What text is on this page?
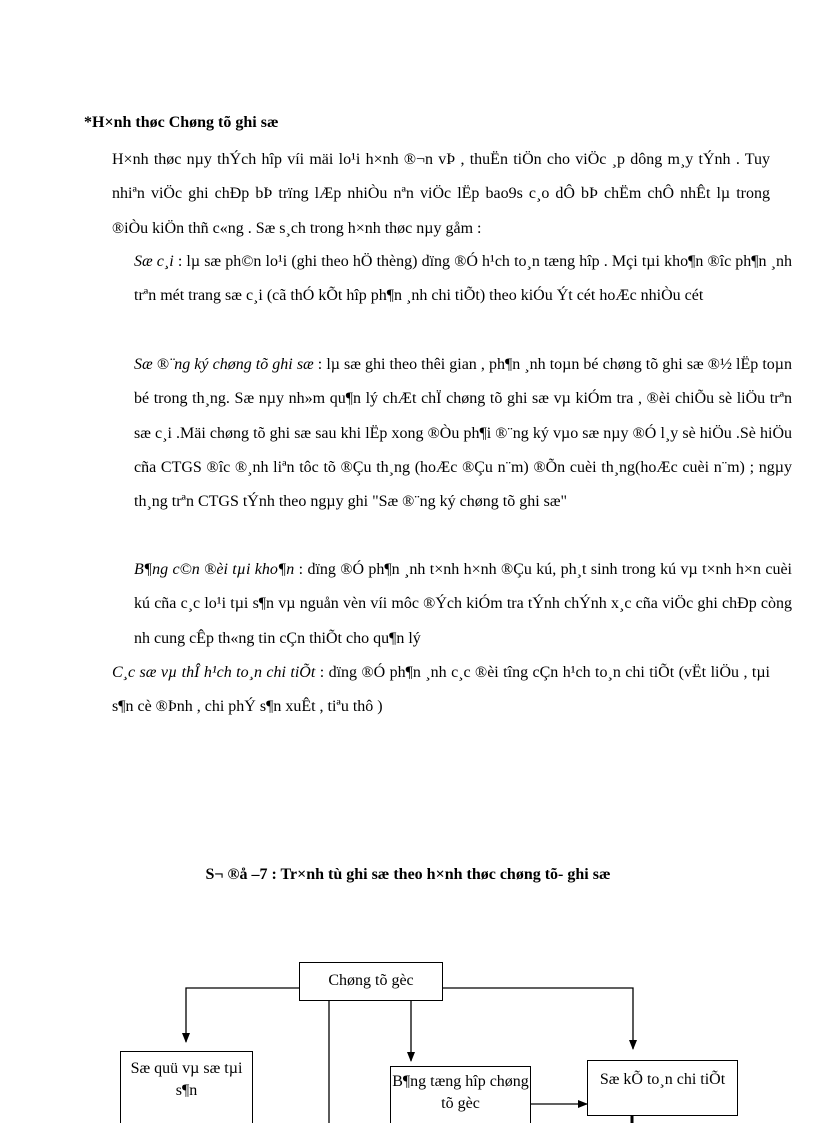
*H×nh thøc Chøng tõ ghi sæ
H×nh thøc nµy thÝch hîp víi mäi lo¹i h×nh ®¬n vÞ , thuËn tiÖn cho viÖc ¸p dông m¸y tÝnh . Tuy nhiªn viÖc ghi chÐp bÞ trïng lÆp nhiÒu nªn viÖc lËp bao9s c¸o dÔ bÞ chËm chÔ nhÊt lµ trong ®iÒu kiÖn thñ c«ng . Sæ s¸ch trong h×nh thøc nµy gåm :
Sæ c¸i : lµ sæ ph©n lo¹i (ghi theo hÖ thèng) dïng ®Ó h¹ch to¸n tæng hîp . Mçi tµi kho¶n ®îc ph¶n ¸nh trªn mét trang sæ c¸i (cã thÓ kÕt hîp ph¶n ¸nh chi tiÕt) theo kiÓu Ýt cét hoÆc nhiÒu cét
Sæ ®¨ng ký chøng tõ ghi sæ : lµ sæ ghi theo thêi gian , ph¶n ¸nh toµn bé chøng tõ ghi sæ ®½ lËp toµn bé trong th¸ng. Sæ nµy nh»m qu¶n lý chÆt chÏ chøng tõ ghi sæ vµ kiÓm tra , ®èi chiÕu sè liÖu trªn sæ c¸i .Mäi chøng tõ ghi sæ sau khi lËp xong ®Òu ph¶i ®¨ng ký vµo sæ nµy ®Ó l¸y sè hiÖu .Sè hiÖu cña CTGS ®îc ®¸nh liªn tôc tõ ®Çu th¸ng (hoÆc ®Çu n¨m) ®Õn cuèi th¸ng(hoÆc cuèi n¨m) ; ngµy th¸ng trªn CTGS tÝnh theo ngµy ghi "Sæ ®¨ng ký chøng tõ ghi sæ"
B¶ng c©n ®èi tµi kho¶n : dïng ®Ó ph¶n ¸nh t×nh h×nh ®Çu kú, ph¸t sinh trong kú vµ t×nh h×n cuèi kú cña c¸c lo¹i tµi s¶n vµ nguån vèn víi môc ®Ých kiÓm tra tÝnh chÝnh x¸c cña viÖc ghi chÐp còng nh cung cÊp th«ng tin cÇn thiÕt cho qu¶n lý
C¸c sæ vµ thÎ h¹ch to¸n chi tiÕt : dïng ®Ó ph¶n ¸nh c¸c ®èi tîng cÇn h¹ch to¸n chi tiÕt (vËt liÖu , tµi s¶n cè ®Þnh , chi phÝ s¶n xuÊt , tiªu thô )
S¬ ®å –7 : Tr×nh tù ghi sæ theo h×nh thøc chøng tõ- ghi sæ
Chøng tõ gèc
Sæ quü vµ sæ tµi s¶n
B¶ng tæng hîp chøng tõ gèc
Sæ kÕ to¸n chi tiÕt
